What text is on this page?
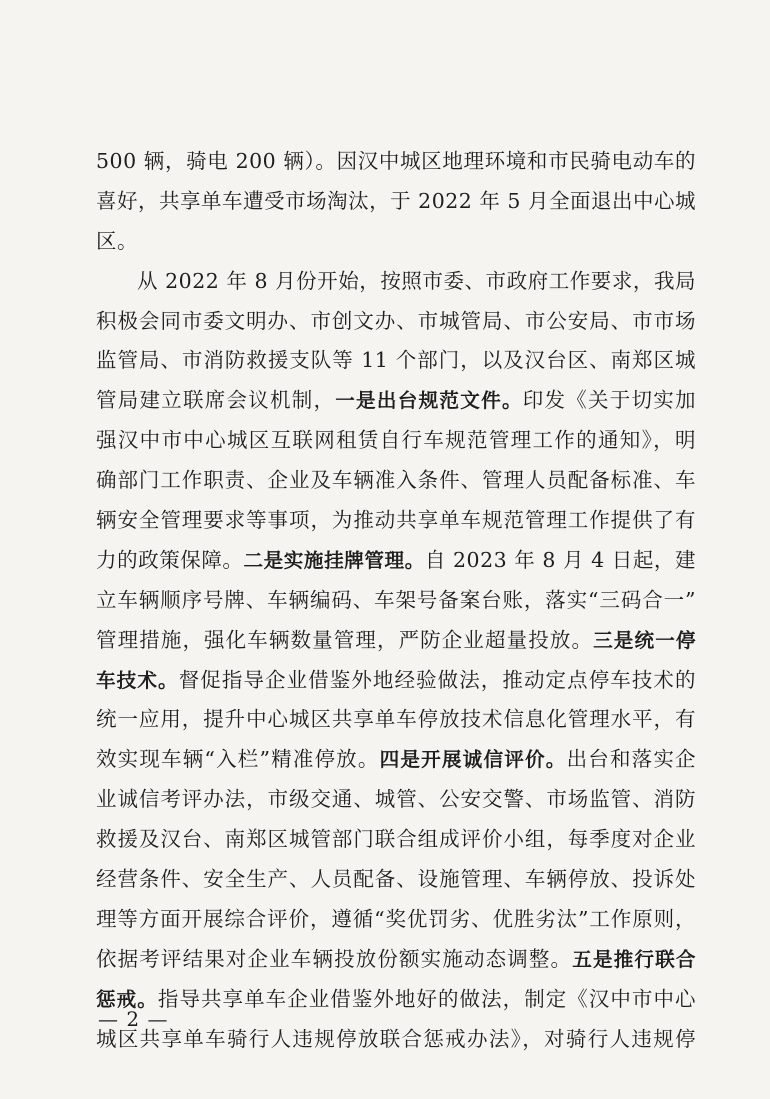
500 辆，骑电 200 辆）。因汉中城区地理环境和市民骑电动车的
喜好，共享单车遭受市场淘汰，于 2022 年 5 月全面退出中心城
区。
从 2022 年 8 月份开始，按照市委、市政府工作要求，我局
积极会同市委文明办、市创文办、市城管局、市公安局、市市场
监管局、市消防救援支队等 11 个部门，以及汉台区、南郑区城
管局建立联席会议机制，一是出台规范文件。印发《关于切实加
强汉中市中心城区互联网租赁自行车规范管理工作的通知》，明
确部门工作职责、企业及车辆准入条件、管理人员配备标准、车
辆安全管理要求等事项，为推动共享单车规范管理工作提供了有
力的政策保障。二是实施挂牌管理。自 2023 年 8 月 4 日起，建
立车辆顺序号牌、车辆编码、车架号备案台账，落实“三码合一”
管理措施，强化车辆数量管理，严防企业超量投放。三是统一停
车技术。督促指导企业借鉴外地经验做法，推动定点停车技术的
统一应用，提升中心城区共享单车停放技术信息化管理水平，有
效实现车辆“入栏”精准停放。四是开展诚信评价。出台和落实企
业诚信考评办法，市级交通、城管、公安交警、市场监管、消防
救援及汉台、南郑区城管部门联合组成评价小组，每季度对企业
经营条件、安全生产、人员配备、设施管理、车辆停放、投诉处
理等方面开展综合评价，遵循“奖优罚劣、优胜劣汰”工作原则，
依据考评结果对企业车辆投放份额实施动态调整。五是推行联合
惩戒。指导共享单车企业借鉴外地好的做法，制定《汉中市中心
城区共享单车骑行人违规停放联合惩戒办法》，对骑行人违规停
— 2 —
